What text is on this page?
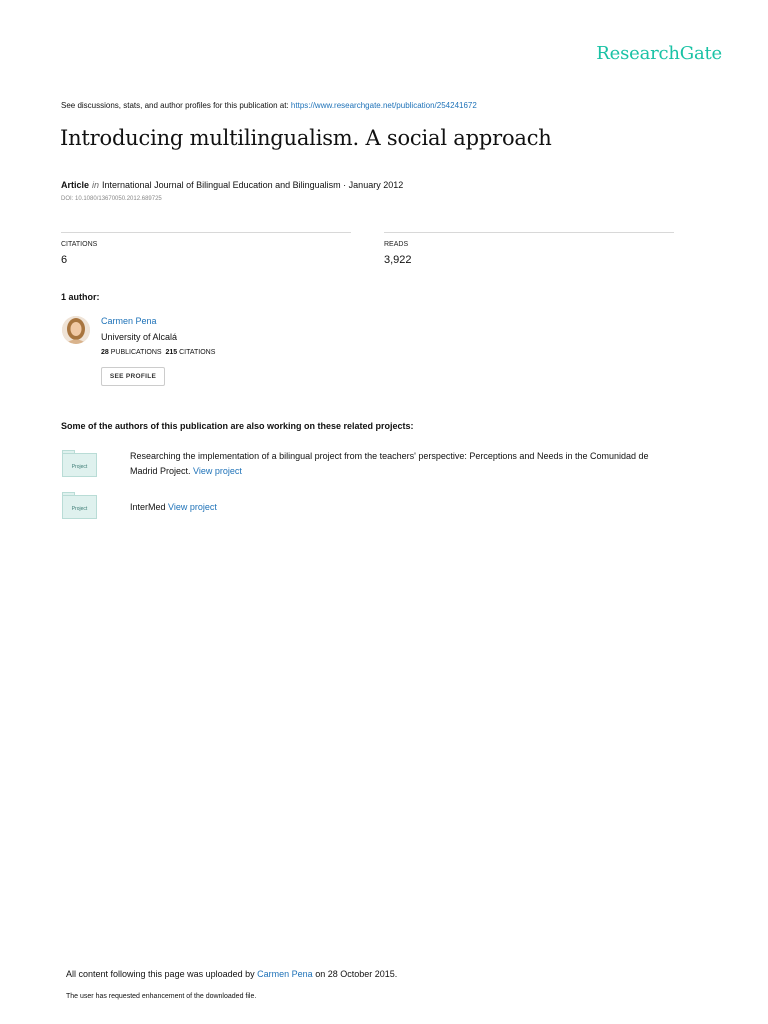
ResearchGate
See discussions, stats, and author profiles for this publication at: https://www.researchgate.net/publication/254241672
Introducing multilingualism. A social approach
Article in International Journal of Bilingual Education and Bilingualism · January 2012
DOI: 10.1080/13670050.2012.689725
CITATIONS
6
READS
3,922
1 author:
Carmen Pena
University of Alcalá
28 PUBLICATIONS 215 CITATIONS
SEE PROFILE
Some of the authors of this publication are also working on these related projects:
Project
Researching the implementation of a bilingual project from the teachers' perspective: Perceptions and Needs in the Comunidad de
Madrid Project. View project
Project	InterMed View project
All content following this page was uploaded by Carmen Pena on 28 October 2015.
The user has requested enhancement of the downloaded file.
